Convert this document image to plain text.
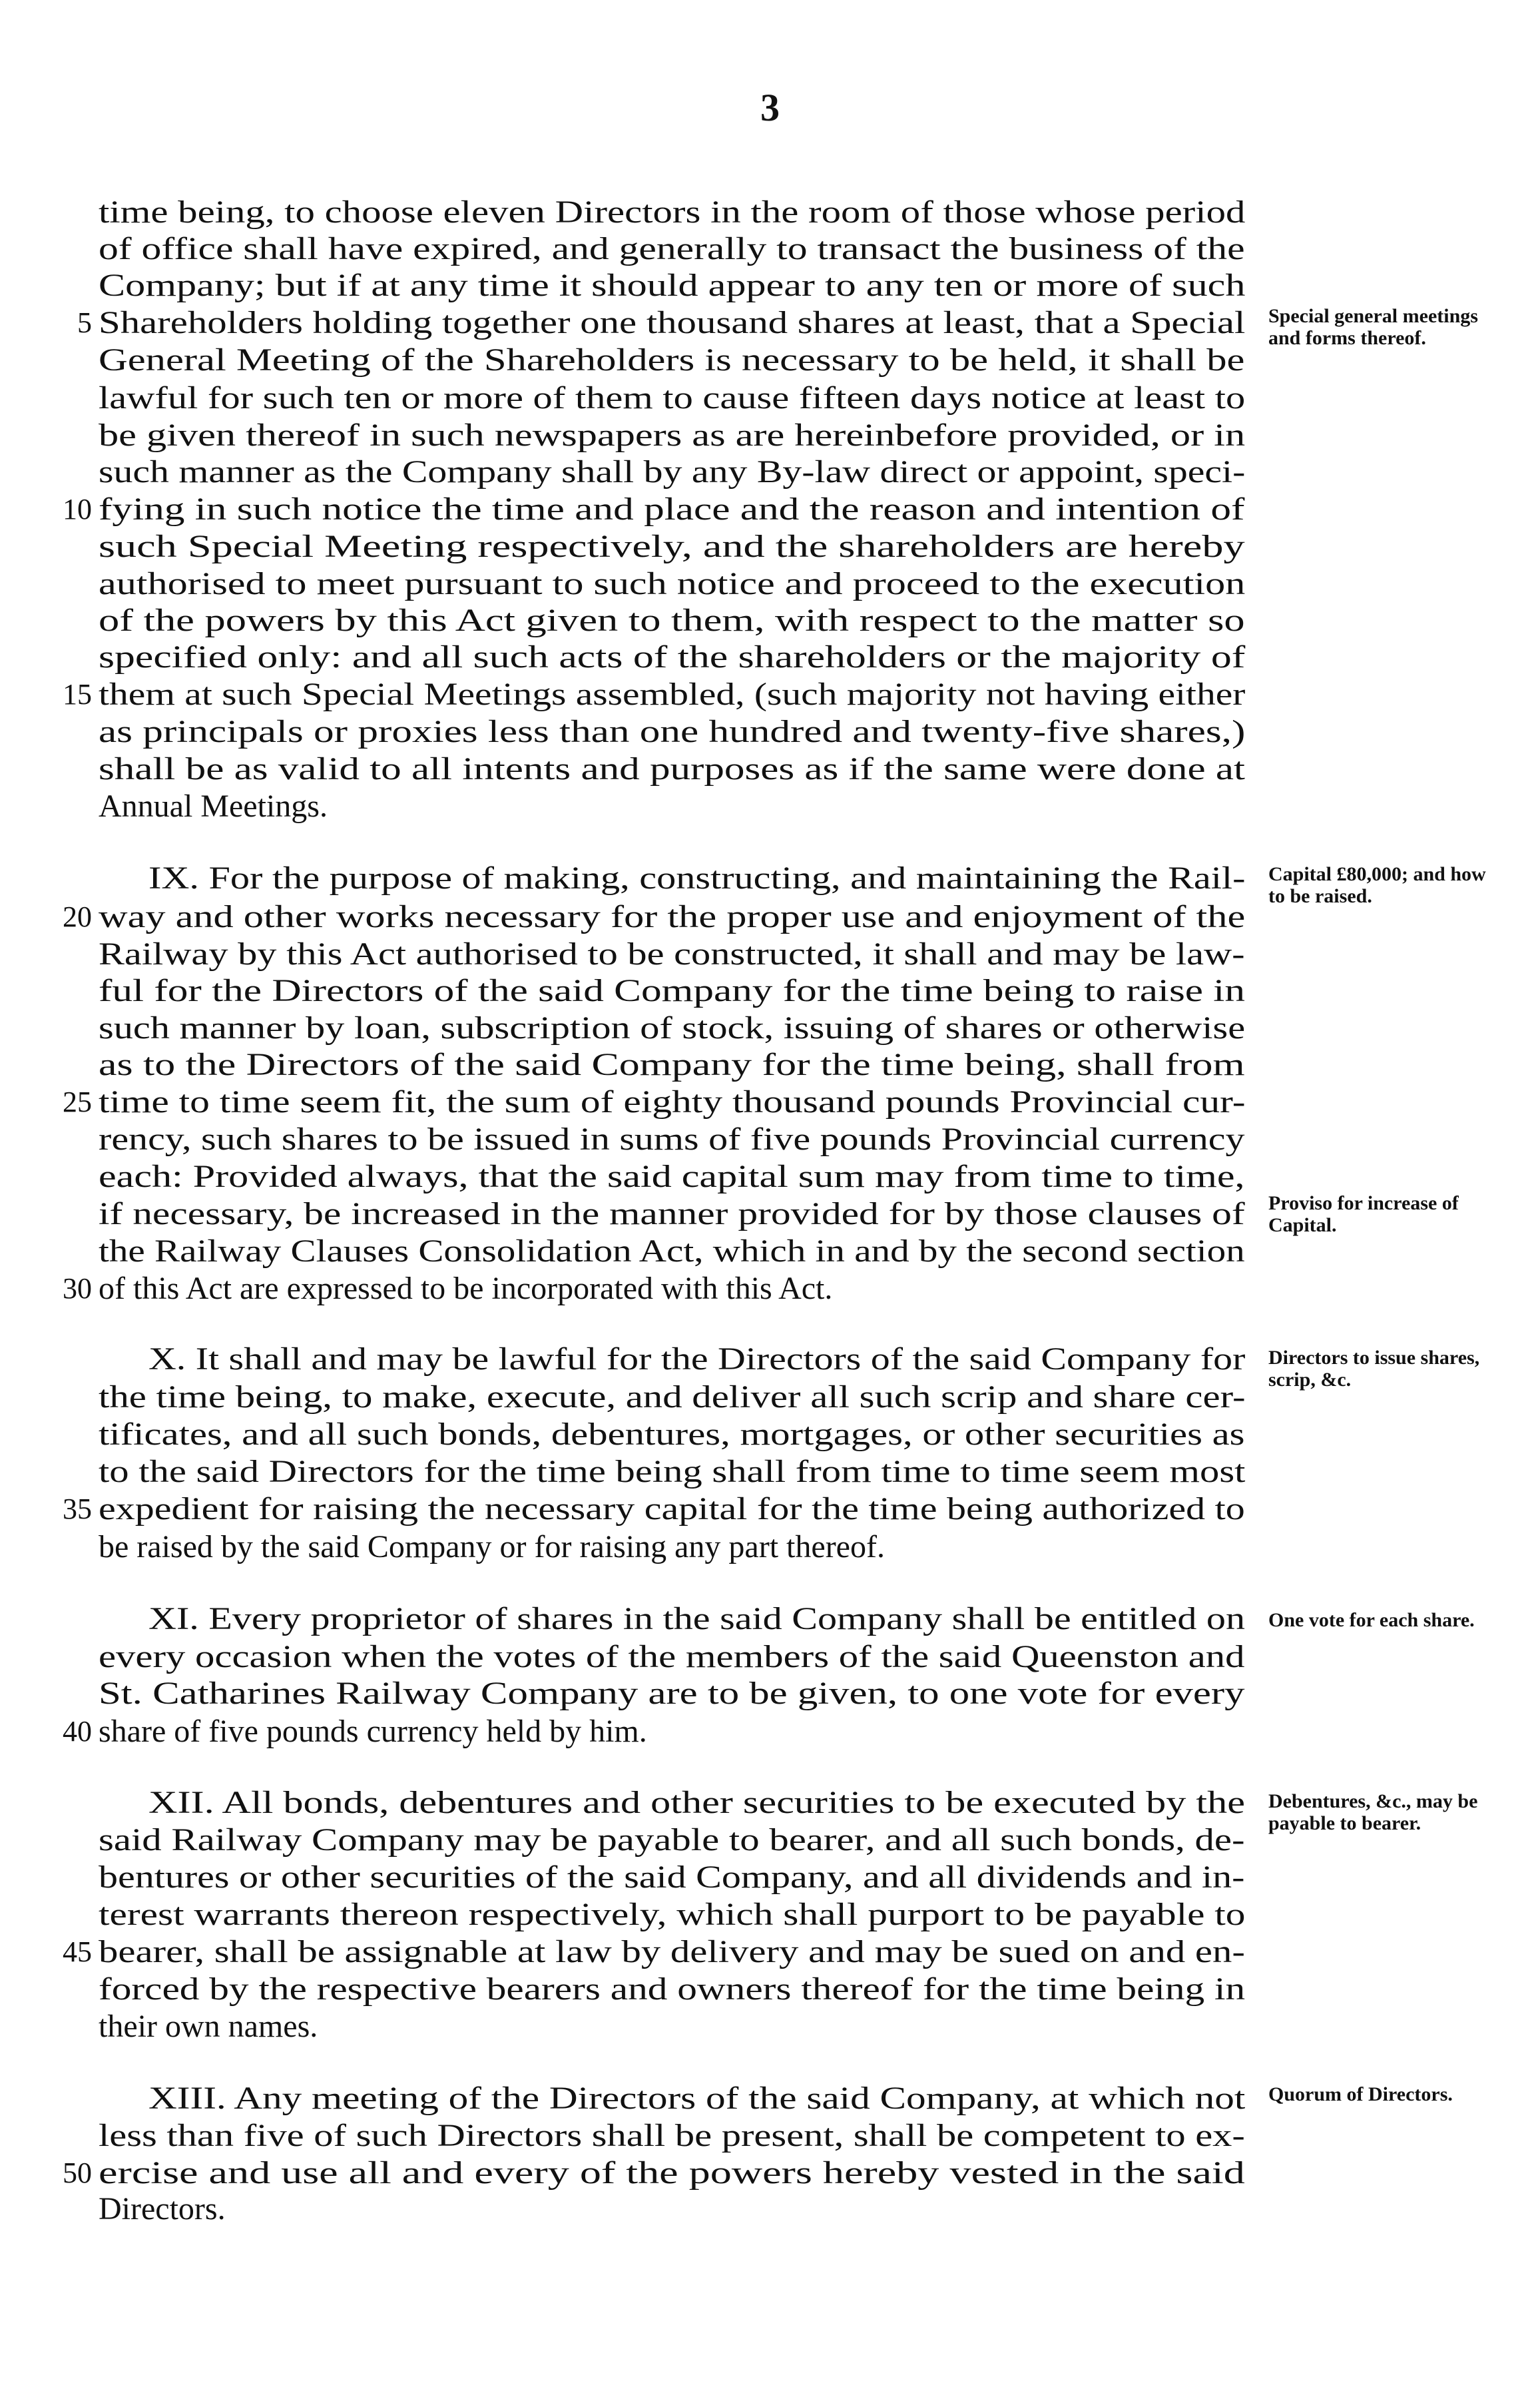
3
time being, to choose eleven Directors in the room of those whose period
of office shall have expired, and generally to transact the business of the
Company; but if at any time it should appear to any ten or more of such
Shareholders holding together one thousand shares at least, that a Special
5
General Meeting of the Shareholders is necessary to be held, it shall be
lawful for such ten or more of them to cause fifteen days notice at least to
be given thereof in such newspapers as are hereinbefore provided, or in
such manner as the Company shall by any By-law direct or appoint, speci-
fying in such notice the time and place and the reason and intention of
10
such Special Meeting respectively, and the shareholders are hereby
authorised to meet pursuant to such notice and proceed to the execution
of the powers by this Act given to them, with respect to the matter so
specified only: and all such acts of the shareholders or the majority of
them at such Special Meetings assembled, (such majority not having either
15
as principals or proxies less than one hundred and twenty-five shares,)
shall be as valid to all intents and purposes as if the same were done at
Annual Meetings.
IX. For the purpose of making, constructing, and maintaining the Rail-
way and other works necessary for the proper use and enjoyment of the
20
Railway by this Act authorised to be constructed, it shall and may be law-
ful for the Directors of the said Company for the time being to raise in
such manner by loan, subscription of stock, issuing of shares or otherwise
as to the Directors of the said Company for the time being, shall from
time to time seem fit, the sum of eighty thousand pounds Provincial cur-
25
rency, such shares to be issued in sums of five pounds Provincial currency
each: Provided always, that the said capital sum may from time to time,
if necessary, be increased in the manner provided for by those clauses of
the Railway Clauses Consolidation Act, which in and by the second section
of this Act are expressed to be incorporated with this Act.
30
X. It shall and may be lawful for the Directors of the said Company for
the time being, to make, execute, and deliver all such scrip and share cer-
tificates, and all such bonds, debentures, mortgages, or other securities as
to the said Directors for the time being shall from time to time seem most
expedient for raising the necessary capital for the time being authorized to
35
be raised by the said Company or for raising any part thereof.
XI. Every proprietor of shares in the said Company shall be entitled on
every occasion when the votes of the members of the said Queenston and
St. Catharines Railway Company are to be given, to one vote for every
share of five pounds currency held by him.
40
XII. All bonds, debentures and other securities to be executed by the
said Railway Company may be payable to bearer, and all such bonds, de-
bentures or other securities of the said Company, and all dividends and in-
terest warrants thereon respectively, which shall purport to be payable to
bearer, shall be assignable at law by delivery and may be sued on and en-
45
forced by the respective bearers and owners thereof for the time being in
their own names.
XIII. Any meeting of the Directors of the said Company, at which not
less than five of such Directors shall be present, shall be competent to ex-
ercise and use all and every of the powers hereby vested in the said
50
Directors.
Special general meetings and forms thereof.
Capital £80,000; and how to be raised.
Proviso for increase of Capital.
Directors to issue shares, scrip, &c.
One vote for each share.
Debentures, &c., may be payable to bearer.
Quorum of Directors.
